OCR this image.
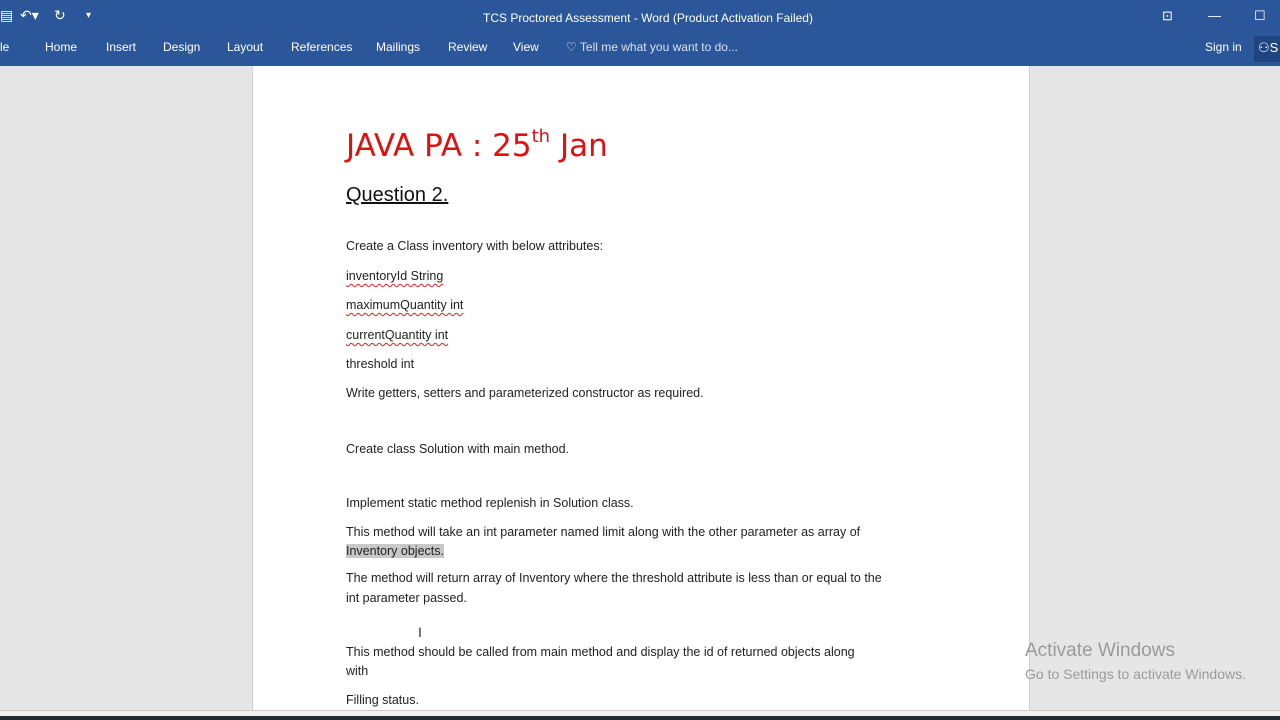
▤ ↶▾ ↻ ▾	TCS Proctored Assessment - Word (Product Activation Failed)	⊡	—	☐
le	Home Insert Design Layout References Mailings Review View ♡ Tell me what you want to do...	Sign in	⚇S
JAVA PA : 25th Jan
Question 2.
Create a Class inventory with below attributes:
inventoryId String
maximumQuantity int
currentQuantity int
threshold int
Write getters, setters and parameterized constructor as required.
Create class Solution with main method.
Implement static method replenish in Solution class.
This method will take an int parameter named limit along with the other parameter as array of
Inventory objects.
The method will return array of Inventory where the threshold attribute is less than or equal to the
int parameter passed.
This method should be called from main method and display the id of returned objects along
with
Filling status.
I
Activate Windows
Go to Settings to activate Windows.
